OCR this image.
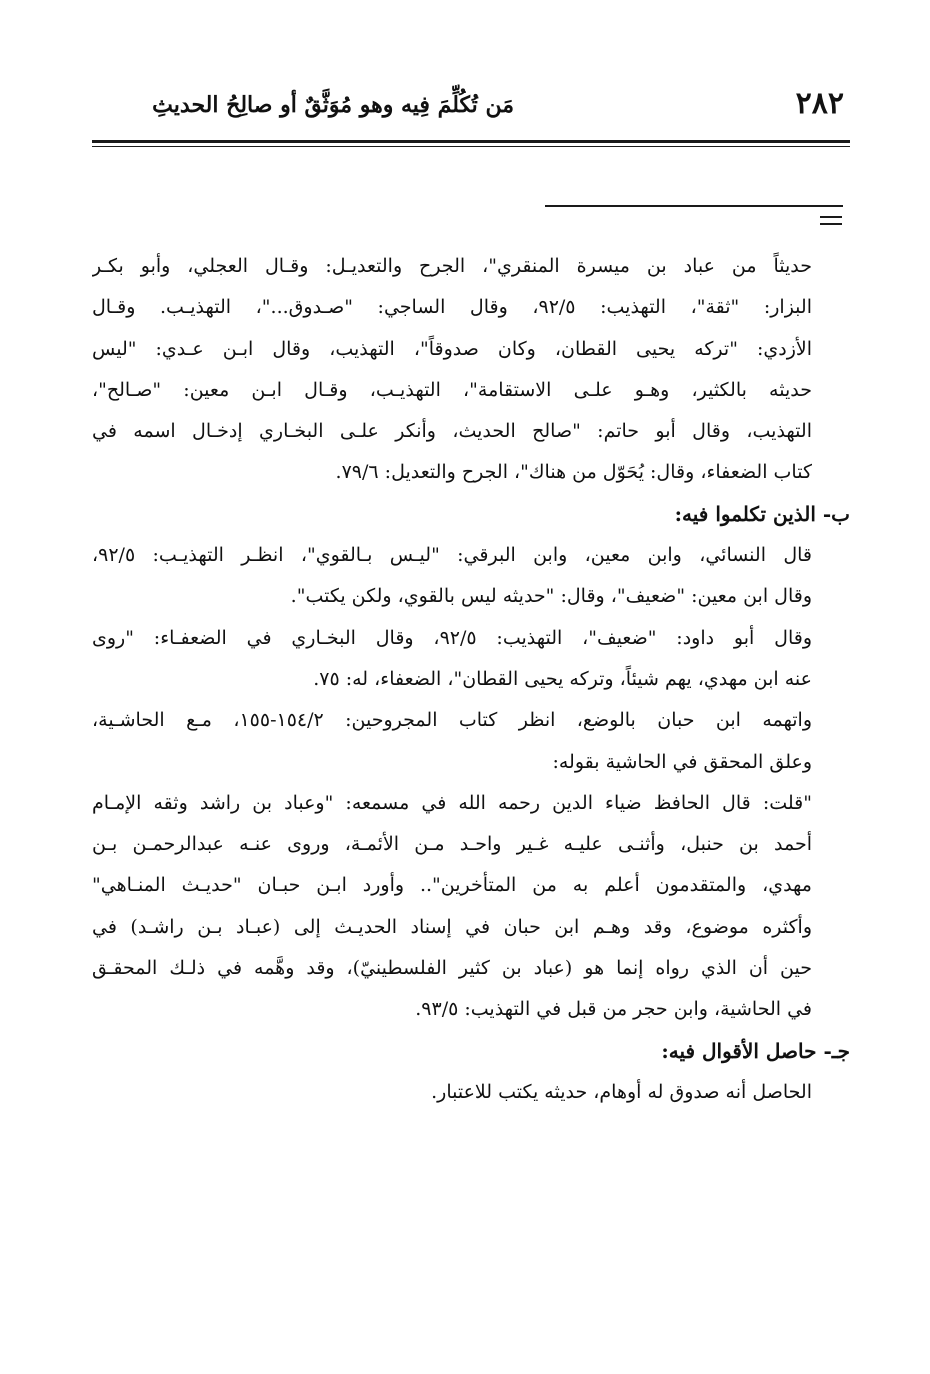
٢٨٢
مَن تُكُلِّمَ فِيه وهو مُوَثَّقٌ أو صالِحُ الحديثِ
حديثاً من عباد بن ميسرة المنقري"، الجرح والتعديـل: وقـال العجلي، وأبو بكـر
البزار: "ثقة"، التهذيب: ٩٢/٥، وقال الساجي: "صـدوق..."، التهذيـب. وقـال
الأزدي: "تركه يحيى القطان، وكان صدوقاً"، التهذيب، وقال ابـن عـدي: "ليس
حديثه بالكثير، وهـو علـى الاستقامة"، التهذيـب، وقـال ابـن معين: "صـالح"،
التهذيب، وقال أبو حاتم: "صالح الحديث، وأنكر علـى البخـاري إدخـال اسمه في
كتاب الضعفاء، وقال: يُحَوّل من هناك"، الجرح والتعديل: ٧٩/٦.
ب- الذين تكلموا فيه:
قال النسائي، وابن معين، وابن البرقي: "ليـس بـالقوي"، انظـر التهذيـب: ٩٢/٥،
وقال ابن معين: "ضعيف"، وقال: "حديثه ليس بالقوي، ولكن يكتب".
وقال أبو داود: "ضعيف"، التهذيب: ٩٢/٥، وقال البخـاري في الضعفـاء: "روى
عنه ابن مهدي، يهم شيئاً، وتركه يحيى القطان"، الضعفاء، له: ٧٥.
واتهمه ابن حبان بالوضع، انظر كتاب المجروحين: ١٥٤/٢-١٥٥، مـع الحاشـية،
وعلق المحقق في الحاشية بقوله:
"قلت: قال الحافظ ضياء الدين رحمه الله في مسمعه: "وعباد بن راشد وثقه الإمـام
أحمد بن حنبل، وأثنـى عليـه غـير واحـد مـن الأئمـة، وروى عنـه عبدالرحمـن بـن
مهدي، والمتقدمون أعلم به من المتأخرين".. وأورد ابـن حبـان "حديـث المنـاهي"
وأكثره موضوع، وقد وهـم ابن حبان في إسناد الحديـث إلى (عبـاد بـن راشـد) في
حين أن الذي رواه إنما هو (عباد بن كثير الفلسطينيّ)، وقد وهَّمه في ذلـك المحقـق
في الحاشية، وابن حجر من قبل في التهذيب: ٩٣/٥.
جـ- حاصل الأقوال فيه:
الحاصل أنه صدوق له أوهام، حديثه يكتب للاعتبار.
